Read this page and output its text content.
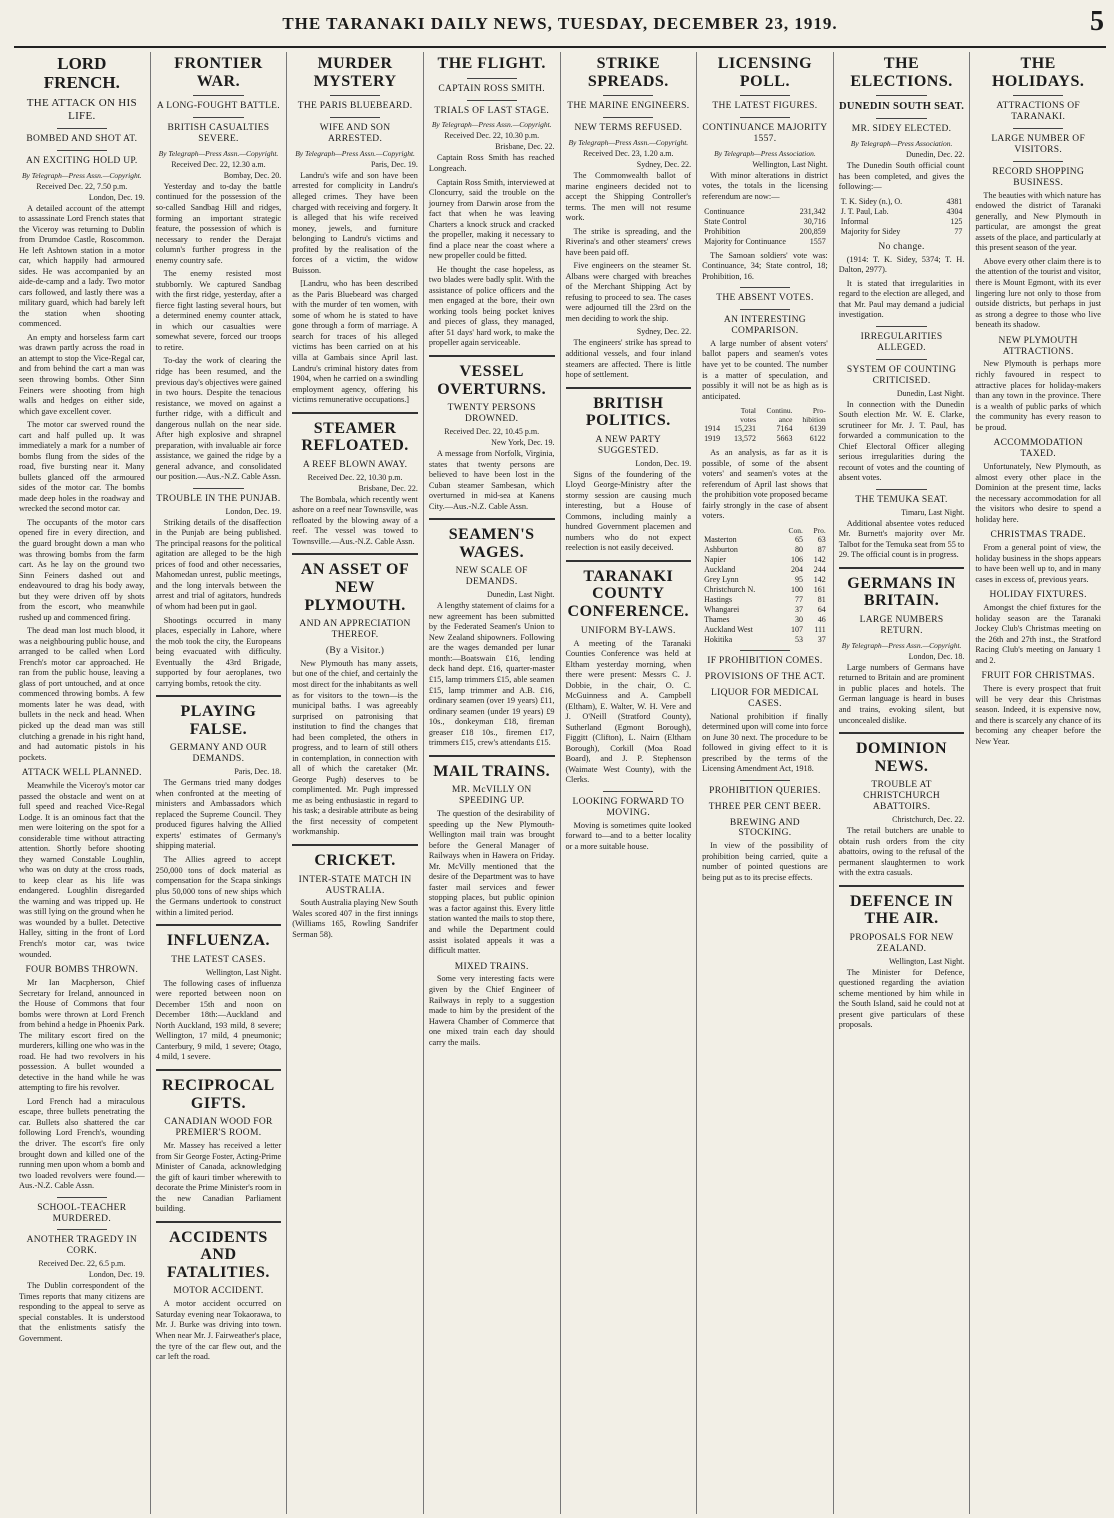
THE TARANAKI DAILY NEWS, TUESDAY, DECEMBER 23, 1919.	5
LORD FRENCH.
THE ATTACK ON HIS LIFE.
BOMBED AND SHOT AT.
AN EXCITING HOLD UP.
By Telegraph—Press Assn.—Copyright.
Received Dec. 22, 7.50 p.m.
London, Dec. 19.

A detailed account of the attempt to assassinate Lord French states that the Viceroy was returning to Dublin from Drumdoe Castle, Roscommon. He left Ashtown station in a motor car, which happily had armoured sides. He was accompanied by an aide-de-camp and a lady. Two motor cars followed, and lastly there was a military guard, which had barely left the station when shooting commenced.

An empty and horseless farm cart was drawn partly across the road in an attempt to stop the Vice-Regal car, and from behind the cart a man was seen throwing bombs. Other Sinn Feiners were shooting from high walls and hedges on either side, which gave excellent cover.

The motor car swerved round the cart and half pulled up. It was immediately a mark for a number of bombs flung from the sides of the road, five bursting near it. Many bullets glanced off the armoured sides of the motor car. The bombs made deep holes in the roadway and wrecked the second motor car.

The occupants of the motor cars opened fire in every direction, and the guard brought down a man who was throwing bombs from the farm cart. As he lay on the ground two Sinn Feiners dashed out and endeavoured to drag his body away, but they were driven off by shots from the escort, who meanwhile rushed up and commenced firing.

The dead man lost much blood, it was a neighbouring public house, and arranged to be called when Lord French's motor car approached. He ran from the public house, leaving a glass of port untouched, and at once commenced throwing bombs. A few moments later he was dead, with bullets in the neck and head. When picked up the dead man was still clutching a grenade in his right hand, and had automatic pistols in his pockets.

ATTACK WELL PLANNED.

Meanwhile the Viceroy's motor car passed the obstacle and went on at full speed and reached Vice-Regal Lodge. It is an ominous fact that the men were loitering on the spot for a considerable time without attracting attention. Shortly before shooting they warned Constable Loughlin, who was on duty at the cross roads, to keep clear as his life was endangered. Loughlin disregarded the warning and was tripped up. He was still lying on the ground when he was wounded by a bullet. Detective Halley, sitting in the front of Lord French's motor car, was twice wounded.

FOUR BOMBS THROWN.

Mr Ian Macpherson, Chief Secretary for Ireland, announced in the House of Commons that four bombs were thrown at Lord French from behind a hedge in Phoenix Park. The military escort fired on the murderers, killing one who was in the road. He had two revolvers in his possession. A bullet wounded a detective in the hand while he was attempting to fire his revolver.

Lord French had a miraculous escape, three bullets penetrating the car. Bullets also shattered the car following Lord French's, wounding the driver. The escort's fire only brought down and killed one of the running men upon whom a bomb and two loaded revolvers were found.—Aus.-N.Z. Cable Assn.

SCHOOL-TEACHER MURDERED.
ANOTHER TRAGEDY IN CORK.
Received Dec. 22, 6.5 p.m.
London, Dec. 19.

The Dublin correspondent of the Times reports that many citizens are responding to the appeal to serve as special constables. It is understood that the enlistments satisfy the Government.

FRONTIER WAR.
A LONG-FOUGHT BATTLE.
BRITISH CASUALTIES SEVERE.
By Telegraph—Press Assn.—Copyright.
Received Dec. 22, 12.30 a.m.
Bombay, Dec. 20.

Yesterday and to-day the battle continued for the possession of the so-called Sandbag Hill and ridges, forming an important strategic feature, the possession of which is necessary to render the Derajat column's further progress in the enemy country safe.

The enemy resisted most stubbornly. We captured Sandbag with the first ridge, yesterday, after a fierce fight lasting several hours, but a determined enemy counter attack, in which our casualties were somewhat severe, forced our troops to retire.

To-day the work of clearing the ridge has been resumed, and the previous day's objectives were gained in two hours. Despite the tenacious resistance, we moved on against a further ridge, with a difficult and dangerous nullah on the near side. After high explosive and shrapnel preparation, with invaluable air force assistance, we gained the ridge by a general advance, and consolidated our position.—Aus.-N.Z. Cable Assn.

TROUBLE IN THE PUNJAB.
London, Dec. 19.

Striking details of the disaffection in the Punjab are being published. The principal reasons for the political agitation are alleged to be the high prices of food and other necessaries, Mahomedan unrest, public meetings, and the long intervals between the arrest and trial of agitators, hundreds of whom had been put in gaol.

Shootings occurred in many places, especially in Lahore, where the mob took the city, the Europeans being evacuated with difficulty. Eventually the 43rd Brigade, supported by four aeroplanes, two carrying bombs, retook the city.

PLAYING FALSE.
GERMANY AND OUR DEMANDS.
Paris, Dec. 18.

The Germans tried many dodges when confronted at the meeting of ministers and Ambassadors which replaced the Supreme Council. They produced figures halving the Allied experts' estimates of Germany's shipping material.

The Allies agreed to accept 250,000 tons of dock material as compensation for the Scapa sinkings plus 50,000 tons of new ships which the Germans undertook to construct within a limited period.

INFLUENZA.
THE LATEST CASES.
Wellington, Last Night.

The following cases of influenza were reported between noon on December 15th and noon on December 18th:—Auckland and North Auckland, 193 mild, 8 severe; Wellington, 17 mild, 4 pneumonic; Canterbury, 9 mild, 1 severe; Otago, 4 mild, 1 severe.

RECIPROCAL GIFTS.
CANADIAN WOOD FOR PREMIER'S ROOM.

Mr. Massey has received a letter from Sir George Foster, Acting-Prime Minister of Canada, acknowledging the gift of kauri timber wherewith to decorate the Prime Minister's room in the new Canadian Parliament building.

ACCIDENTS AND FATALITIES.
MOTOR ACCIDENT.

A motor accident occurred on Saturday evening near Tokaorawa, to Mr. J. Burke was driving into town. When near Mr. J. Fairweather's place, the tyre of the car flew out, and the car left the road.

MURDER MYSTERY
THE PARIS BLUEBEARD.
WIFE AND SON ARRESTED.
By Telegraph—Press Assn.—Copyright.
Paris, Dec. 19.

Landru's wife and son have been arrested for complicity in Landru's alleged crimes. They have been charged with receiving and forgery. It is alleged that his wife received money, jewels, and furniture belonging to Landru's victims and profited by the realisation of the forces of a victim, the widow Buisson.

[Landru, who has been described as the Paris Bluebeard was charged with the murder of ten women, with some of whom he is stated to have gone through a form of marriage. A search for traces of his alleged victims has been carried on at his villa at Gambais since April last. Landru's criminal history dates from 1904, when he carried on a swindling employment agency, offering his victims remunerative occupations.]

STEAMER REFLOATED.
A REEF BLOWN AWAY.
Received Dec. 22, 10.30 p.m.
Brisbane, Dec. 22.

The Bombala, which recently went ashore on a reef near Townsville, was refloated by the blowing away of a reef. The vessel was towed to Townsville.—Aus.-N.Z. Cable Assn.

AN ASSET OF NEW PLYMOUTH.
AND AN APPRECIATION THEREOF.
(By a Visitor.)

New Plymouth has many assets, but one of the chief, and certainly the most direct for the inhabitants as well as for visitors to the town—is the municipal baths. I was agreeably surprised on patronising that institution to find the changes that had been completed, the others in progress, and to learn of still others in contemplation, in connection with all of which the caretaker (Mr. George Pugh) deserves to be complimented. Mr. Pugh impressed me as being enthusiastic in regard to his task; a desirable attribute as being the first necessity of competent workmanship.

CRICKET.
INTER-STATE MATCH IN AUSTRALIA.

South Australia playing New South Wales scored 407 in the first innings (Williams 165, Rowling Sandrifer Serman 58).

THE FLIGHT.
CAPTAIN ROSS SMITH.
TRIALS OF LAST STAGE.
By Telegraph—Press Assn.—Copyright.
Received Dec. 22, 10.30 p.m.
Brisbane, Dec. 22.

Captain Ross Smith has reached Longreach.

Captain Ross Smith, interviewed at Cloncurry, said the trouble on the journey from Darwin arose from the fact that when he was leaving Charters a knock struck and cracked the propeller, making it necessary to find a place near the coast where a new propeller could be fitted.

He thought the case hopeless, as two blades were badly split. With the assistance of police officers and the men engaged at the bore, their own working tools being pocket knives and pieces of glass, they managed, after 51 days' hard work, to make the propeller again serviceable.

VESSEL OVERTURNS.
TWENTY PERSONS DROWNED.
Received Dec. 22, 10.45 p.m.
New York, Dec. 19.

A message from Norfolk, Virginia, states that twenty persons are believed to have been lost in the Cuban steamer Sambesan, which overturned in mid-sea at Kanens City.—Aus.-N.Z. Cable Assn.

SEAMEN'S WAGES.
NEW SCALE OF DEMANDS.
Dunedin, Last Night.

A lengthy statement of claims for a new agreement has been submitted by the Federated Seamen's Union to New Zealand shipowners. Following are the wages demanded per lunar month:—Boatswain £16, lending deck hand dept. £16, quarter-master £15, lamp trimmers £15, able seamen £15, lamp trimmer and A.B. £16, ordinary seamen (over 19 years) £11, ordinary seamen (under 19 years) £9 10s., donkeyman £18, fireman greaser £18 10s., firemen £17, trimmers £15, crew's attendants £15.

MAIL TRAINS.
MR. McVILLY ON SPEEDING UP.

The question of the desirability of speeding up the New Plymouth-Wellington mail train was brought before the General Manager of Railways when in Hawera on Friday. Mr. McVilly mentioned that the desire of the Department was to have faster mail services and fewer stopping places, but public opinion was a factor against this. Every little station wanted the mails to stop there, and while the Department could assist isolated appeals it was a difficult matter.

MIXED TRAINS.

Some very interesting facts were given by the Chief Engineer of Railways in reply to a suggestion made to him by the president of the Hawera Chamber of Commerce that one mixed train each day should carry the mails.

STRIKE SPREADS.
THE MARINE ENGINEERS.
NEW TERMS REFUSED.
By Telegraph—Press Assn.—Copyright.
Received Dec. 23, 1.20 a.m.
Sydney, Dec. 22.

The Commonwealth ballot of marine engineers decided not to accept the Shipping Controller's terms. The men will not resume work.

The strike is spreading, and the Riverina's and other steamers' crews have been paid off.

Five engineers on the steamer St. Albans were charged with breaches of the Merchant Shipping Act by refusing to proceed to sea. The cases were adjourned till the 23rd on the men deciding to work the ship.

Sydney, Dec. 22.

The engineers' strike has spread to additional vessels, and four inland steamers are affected. There is little hope of settlement.

BRITISH POLITICS.
A NEW PARTY SUGGESTED.
London, Dec. 19.

Signs of the foundering of the Lloyd George-Ministry after the stormy session are causing much interesting, but a House of Commons, including mainly a hundred Government placemen and numbers who do not expect reelection is not easily deceived.

TARANAKI COUNTY CONFERENCE.
UNIFORM BY-LAWS.

A meeting of the Taranaki Counties Conference was held at Eltham yesterday morning, when there were present: Messrs C. J. Dobbie, in the chair, O. C. McGuinness and A. Campbell (Eltham), E. Walter, W. H. Vere and J. O'Neill (Stratford County), Sutherland (Egmont Borough), Figgitt (Clifton), L. Nairn (Eltham Borough), Corkill (Moa Road Board), and J. P. Stephenson (Waimate West County), with the Clerks.

LOOKING FORWARD TO MOVING.

Moving is sometimes quite looked forward to—and to a better locality or a more suitable house.

LICENSING POLL.
THE LATEST FIGURES.
CONTINUANCE MAJORITY 1557.
By Telegraph—Press Association.
Wellington, Last Night.

With minor alterations in district votes, the totals in the licensing referendum are now:—

Continuance	231,342
State Control	30,716
Prohibition	200,859
Majority for Continuance	1557

The Samoan soldiers' vote was: Continuance, 34; State control, 18; Prohibition, 16.

THE ABSENT VOTES.
AN INTERESTING COMPARISON.

A large number of absent voters' ballot papers and seamen's votes have yet to be counted. The number is a matter of speculation, and possibly it will not be as high as is anticipated.

	Total	Continu.	Pro-
	votes	ance	hibition
1914	15,231	7164	6139
1919	13,572	5663	6122

As an analysis, as far as it is possible, of some of the absent voters' and seamen's votes at the referendum of April last shows that the prohibition vote proposed became fairly strongly in the case of absent voters.

	Con.	Pro.
Masterton	65	63
Ashburton	80	87
Napier	106	142
Auckland	204	244
Grey Lynn	95	142
Christchurch N.	100	161
Hastings	77	81
Whangarei	37	64
Thames	30	46
Auckland West	107	111
Hokitika	53	37
IF PROHIBITION COMES.
PROVISIONS OF THE ACT.
LIQUOR FOR MEDICAL CASES.

National prohibition if finally determined upon will come into force on June 30 next. The procedure to be followed in giving effect to it is prescribed by the terms of the Licensing Amendment Act, 1918.

PROHIBITION QUERIES.
THREE PER CENT BEER.
BREWING AND STOCKING.

In view of the possibility of prohibition being carried, quite a number of pointed questions are being put as to its precise effects.

THE ELECTIONS.
DUNEDIN SOUTH SEAT.
MR. SIDEY ELECTED.
By Telegraph—Press Association.
Dunedin, Dec. 22.

The Dunedin South official count has been completed, and gives the following:—

T. K. Sidey (n.), O.	4381
J. T. Paul, Lab.	4304
Informal	125
Majority for Sidey	77
No change.

(1914: T. K. Sidey, 5374; T. H. Dalton, 2977).

It is stated that irregularities in regard to the election are alleged, and that Mr. Paul may demand a judicial investigation.

IRREGULARITIES ALLEGED.
SYSTEM OF COUNTING CRITICISED.
Dunedin, Last Night.

In connection with the Dunedin South election Mr. W. E. Clarke, scrutineer for Mr. J. T. Paul, has forwarded a communication to the Chief Electoral Officer alleging serious irregularities during the recount of votes and the counting of absent votes.

THE TEMUKA SEAT.
Timaru, Last Night.

Additional absentee votes reduced Mr. Burnett's majority over Mr. Talbot for the Temuka seat from 55 to 29. The official count is in progress.

GERMANS IN BRITAIN.
LARGE NUMBERS RETURN.
By Telegraph—Press Assn.—Copyright.
London, Dec. 18.

Large numbers of Germans have returned to Britain and are prominent in public places and hotels. The German language is heard in buses and trains, evoking silent, but unconcealed dislike.

DOMINION NEWS.
TROUBLE AT CHRISTCHURCH ABATTOIRS.
Christchurch, Dec. 22.

The retail butchers are unable to obtain rush orders from the city abattoirs, owing to the refusal of the permanent slaughtermen to work with the extra casuals.

DEFENCE IN THE AIR.
PROPOSALS FOR NEW ZEALAND.
Wellington, Last Night.

The Minister for Defence, questioned regarding the aviation scheme mentioned by him while in the South Island, said he could not at present give particulars of these proposals.

THE HOLIDAYS.
ATTRACTIONS OF TARANAKI.
LARGE NUMBER OF VISITORS.
RECORD SHOPPING BUSINESS.

The beauties with which nature has endowed the district of Taranaki generally, and New Plymouth in particular, are amongst the great assets of the place, and particularly at this present season of the year.

Above every other claim there is to the attention of the tourist and visitor, there is Mount Egmont, with its ever lingering lure not only to those from outside districts, but perhaps in just as strong a degree to those who live beneath its shadow.

NEW PLYMOUTH ATTRACTIONS.

New Plymouth is perhaps more richly favoured in respect to attractive places for holiday-makers than any town in the province. There is a wealth of public parks of which the community has every reason to be proud.

ACCOMMODATION TAXED.

Unfortunately, New Plymouth, as almost every other place in the Dominion at the present time, lacks the necessary accommodation for all the visitors who desire to spend a holiday here.

CHRISTMAS TRADE.

From a general point of view, the holiday business in the shops appears to have been well up to, and in many cases in excess of, previous years.

HOLIDAY FIXTURES.

Amongst the chief fixtures for the holiday season are the Taranaki Jockey Club's Christmas meeting on the 26th and 27th inst., the Stratford Racing Club's meeting on January 1 and 2.

FRUIT FOR CHRISTMAS.

There is every prospect that fruit will be very dear this Christmas season. Indeed, it is expensive now, and there is scarcely any chance of its becoming any cheaper before the New Year.
